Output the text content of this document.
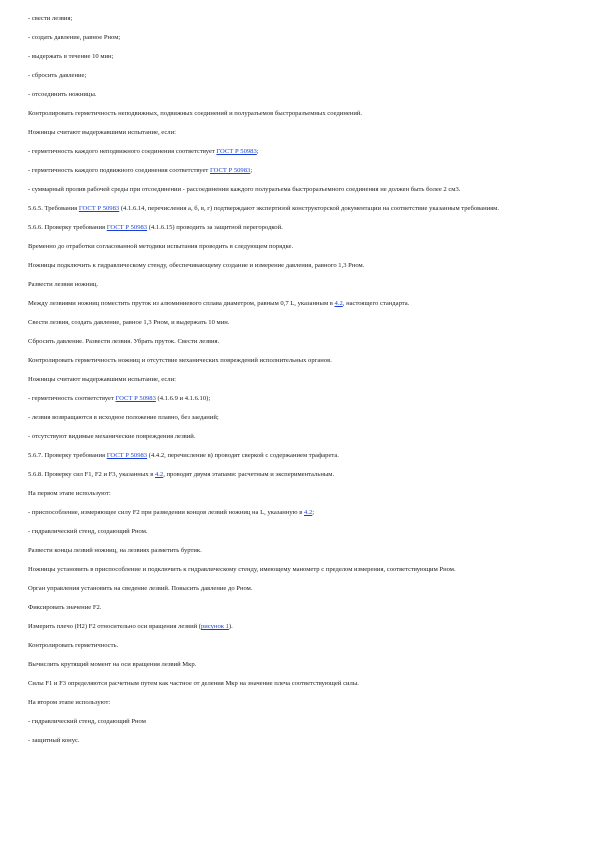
- свести лезвия;

- создать давление, равное Pном;

- выдержать в течение 10 мин;

- сбросить давление;

- отсоединить ножницы.

Контролировать герметичность неподвижных, подвижных соединений и полуразъемов быстроразъемных соединений.

Ножницы считают выдержавшими испытание, если:

- герметичность каждого неподвижного соединения соответствует ГОСТ Р 50983;

- герметичность каждого подвижного соединения соответствует ГОСТ Р 50983;

- суммарный пролив рабочей среды при отсоединении - рассоединении каждого полуразъема быстроразъемного соединения не должен быть более 2 см3.

5.6.5. Требования ГОСТ Р 50983 (4.1.6.14, перечисления а, б, в, г) подтверждают экспертизой конструкторской документации на соответствие указанным требованиям.

5.6.6. Проверку требования ГОСТ Р 50983 (4.1.6.15) проводить за защитной перегородкой.

Временно до отработки согласованной методики испытания проводить в следующем порядке.

Ножницы подключить к гидравлическому стенду, обеспечивающему создание и измерение давления, равного 1,3 Pном.

Развести лезвия ножниц.

Между лезвиями ножниц поместить пруток из алюминиевого сплава диаметром, равным 0,7 L, указанным в 4.2, настоящего стандарта.

Свести лезвия, создать давление, равное 1,3 Pном, и выдержать 10 мин.

Сбросить давление. Развести лезвия. Убрать пруток. Свести лезвия.

Контролировать герметичность ножниц и отсутствие механических повреждений исполнительных органов.

Ножницы считают выдержавшими испытание, если:

- герметичность соответствует ГОСТ Р 50983 (4.1.6.9 и 4.1.6.10);

- лезвия возвращаются в исходное положение плавно, без заеданий;

- отсутствуют видимые механические повреждения лезвий.

5.6.7. Проверку требования ГОСТ Р 50983 (4.4.2, перечисление в) проводят сверкой с содержанием трафарета.

5.6.8. Проверку сил F1, F2 и F3, указанных в 4.2, проводят двумя этапами: расчетным и экспериментальным.

На первом этапе используют:

- приспособление, измеряющее силу F2 при разведении концов лезвий ножниц на L, указанную в 4.2;

- гидравлический стенд, создающий Pном.

Развести концы лезвий ножниц, на лезвиях разметить буртик.

Ножницы установить в приспособление и подключить к гидравлическому стенду, имеющему манометр с пределом измерения, соответствующим Pном.

Орган управления установить на сведение лезвий. Повысить давление до Pном.

Фиксировать значение F2.

Измерить плечо (Н2) F2 относительно оси вращения лезвий (рисунок 1).

Контролировать герметичность.

Вычислить крутящий момент на оси вращения лезвий Мкр.

Силы F1 и F3 определяются расчетным путем как частное от деления Мкр на значение плеча соответствующей силы.

На втором этапе используют:

- гидравлический стенд, создающий Pном

- защитный конус.
